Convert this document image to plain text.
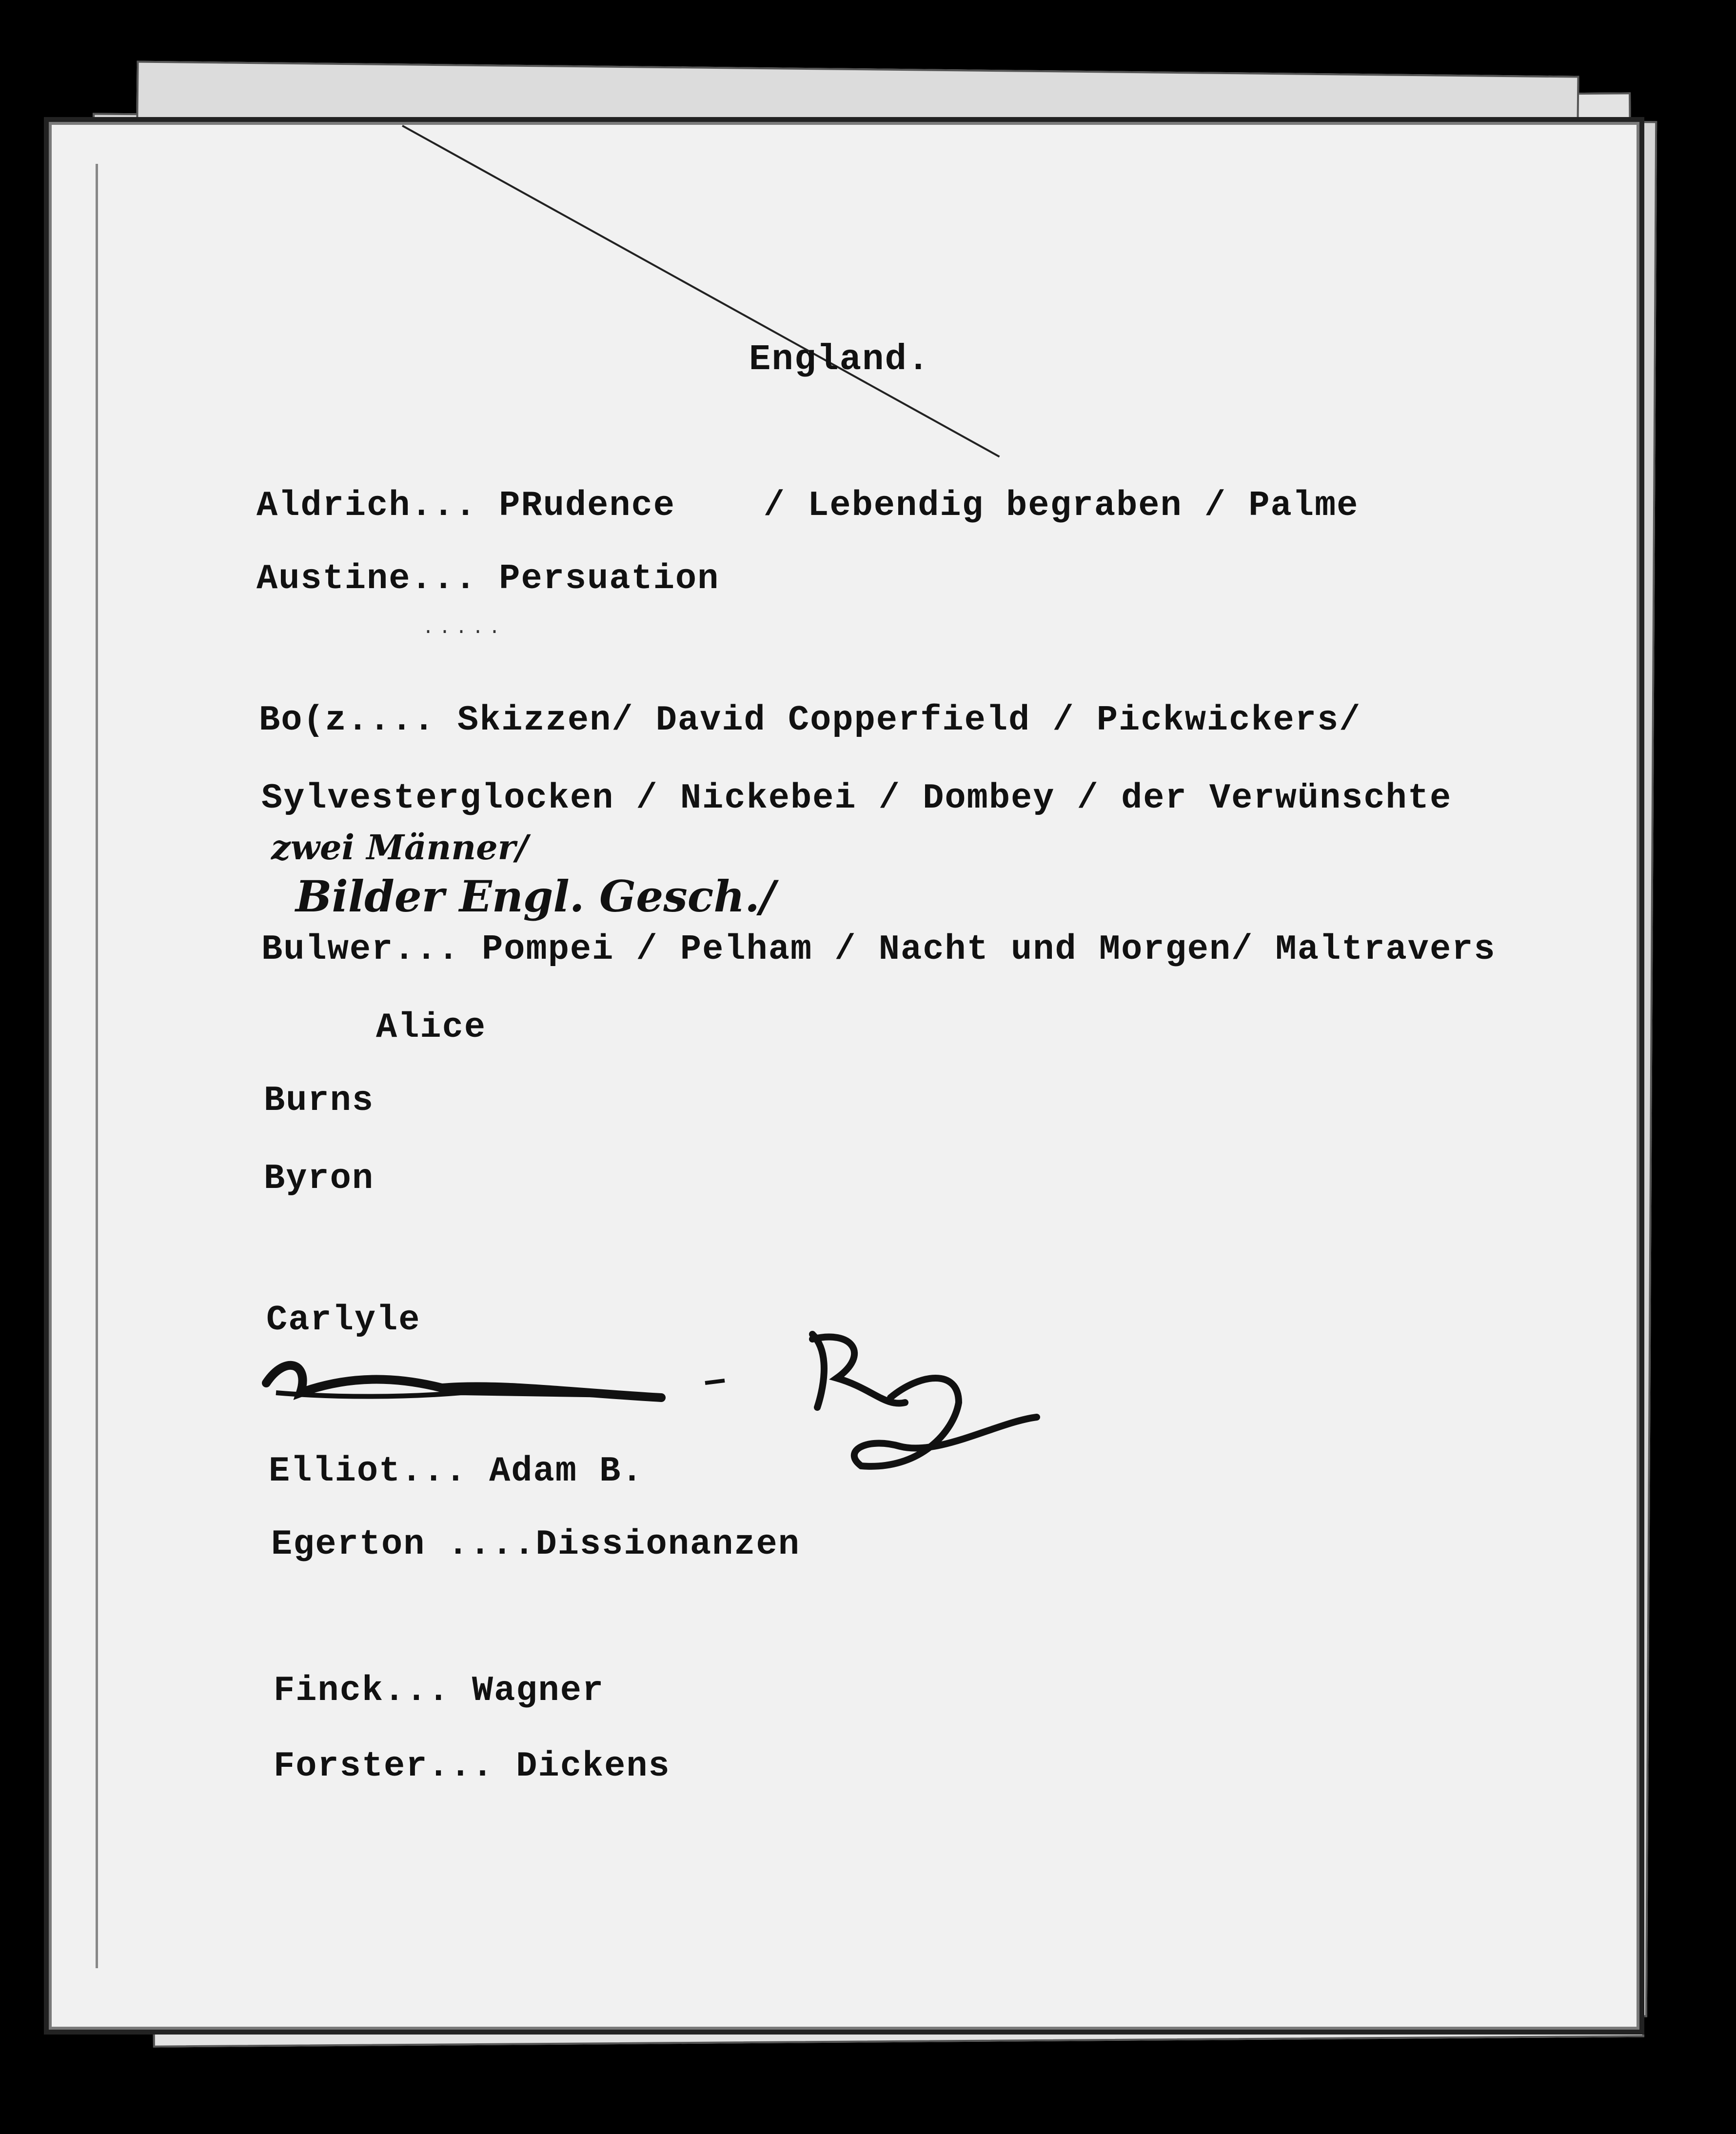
England.
Aldrich... PRudence    / Lebendig begraben / Palme
Austine... Persuation
.....
Bo(z.... Skizzen/ David Copperfield / Pickwickers/
Sylvesterglocken / Nickebei / Dombey / der Verwünschte
zwei Männer/
Bilder Engl. Gesch./
Bulwer... Pompei / Pelham / Nacht und Morgen/ Maltravers
Alice
Burns
Byron
Carlyle
Elliot... Adam B.
Egerton ....Dissionanzen
Finck... Wagner
Forster... Dickens
